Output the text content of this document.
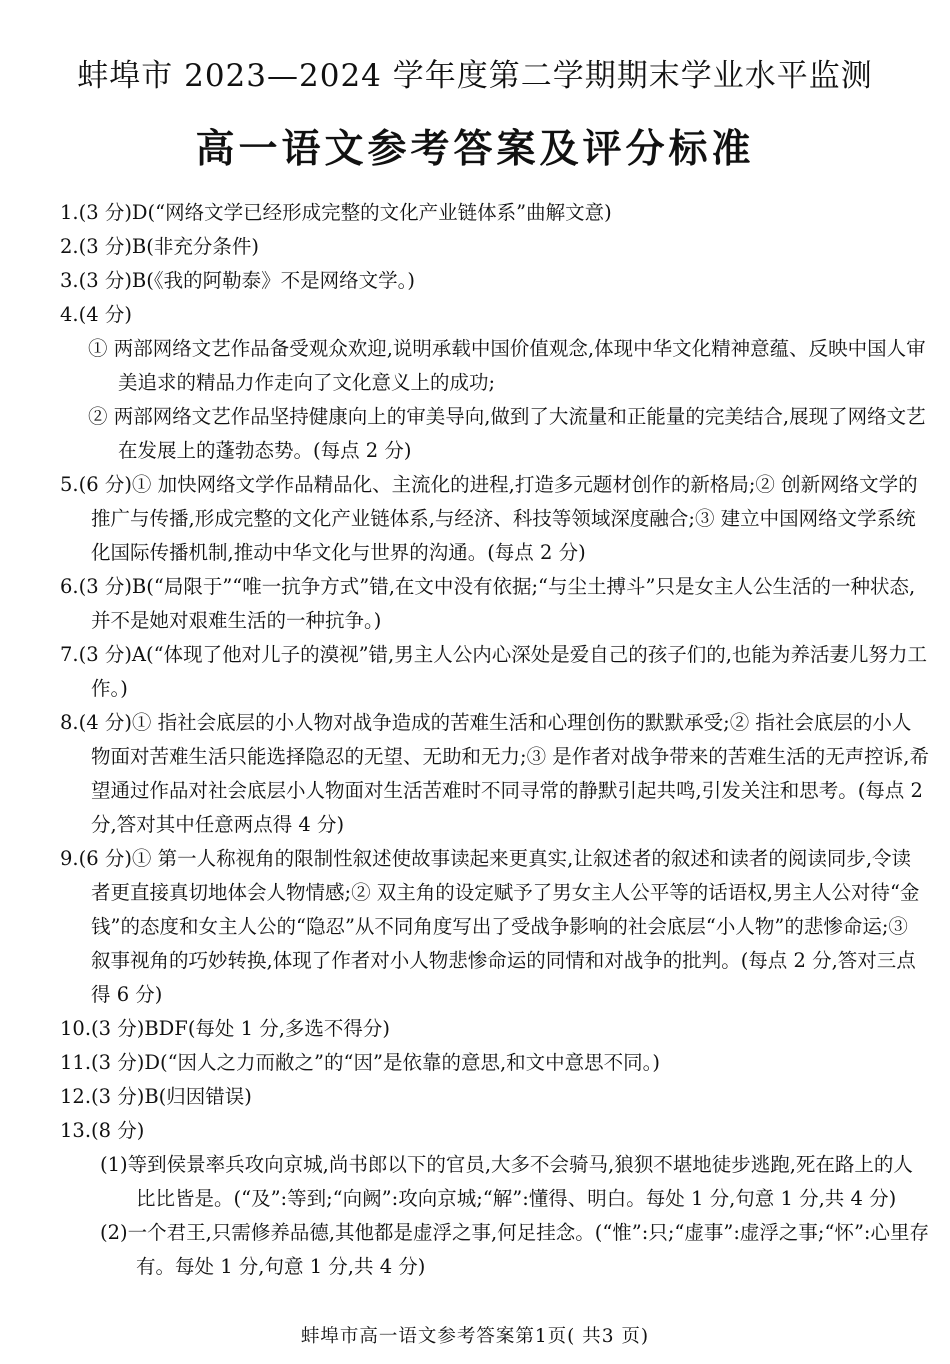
蚌埠市 2023—2024 学年度第二学期期末学业水平监测
高一语文参考答案及评分标准

1.(3 分)D(“网络文学已经形成完整的文化产业链体系”曲解文意)

2.(3 分)B(非充分条件)

3.(3 分)B(《我的阿勒泰》不是网络文学。)

4.(4 分)

① 两部网络文艺作品备受观众欢迎,说明承载中国价值观念,体现中华文化精神意蕴、反映中国人审美追求的精品力作走向了文化意义上的成功;

② 两部网络文艺作品坚持健康向上的审美导向,做到了大流量和正能量的完美结合,展现了网络文艺在发展上的蓬勃态势。(每点 2 分)

5.(6 分)① 加快网络文学作品精品化、主流化的进程,打造多元题材创作的新格局;② 创新网络文学的推广与传播,形成完整的文化产业链体系,与经济、科技等领域深度融合;③ 建立中国网络文学系统化国际传播机制,推动中华文化与世界的沟通。(每点 2 分)

6.(3 分)B(“局限于”“唯一抗争方式”错,在文中没有依据;“与尘土搏斗”只是女主人公生活的一种状态,并不是她对艰难生活的一种抗争。)

7.(3 分)A(“体现了他对儿子的漠视”错,男主人公内心深处是爱自己的孩子们的,也能为养活妻儿努力工作。)

8.(4 分)① 指社会底层的小人物对战争造成的苦难生活和心理创伤的默默承受;② 指社会底层的小人物面对苦难生活只能选择隐忍的无望、无助和无力;③ 是作者对战争带来的苦难生活的无声控诉,希望通过作品对社会底层小人物面对生活苦难时不同寻常的静默引起共鸣,引发关注和思考。(每点 2 分,答对其中任意两点得 4 分)

9.(6 分)① 第一人称视角的限制性叙述使故事读起来更真实,让叙述者的叙述和读者的阅读同步,令读者更直接真切地体会人物情感;② 双主角的设定赋予了男女主人公平等的话语权,男主人公对待“金钱”的态度和女主人公的“隐忍”从不同角度写出了受战争影响的社会底层“小人物”的悲惨命运;③ 叙事视角的巧妙转换,体现了作者对小人物悲惨命运的同情和对战争的批判。(每点 2 分,答对三点得 6 分)

10.(3 分)BDF(每处 1 分,多选不得分)

11.(3 分)D(“因人之力而敝之”的“因”是依靠的意思,和文中意思不同。)

12.(3 分)B(归因错误)

13.(8 分)

(1)等到侯景率兵攻向京城,尚书郎以下的官员,大多不会骑马,狼狈不堪地徒步逃跑,死在路上的人比比皆是。(“及”:等到;“向阙”:攻向京城;“解”:懂得、明白。每处 1 分,句意 1 分,共 4 分)

(2)一个君王,只需修养品德,其他都是虚浮之事,何足挂念。(“惟”:只;“虚事”:虚浮之事;“怀”:心里存有。每处 1 分,句意 1 分,共 4 分)

蚌埠市高一语文参考答案第1页( 共3 页)
